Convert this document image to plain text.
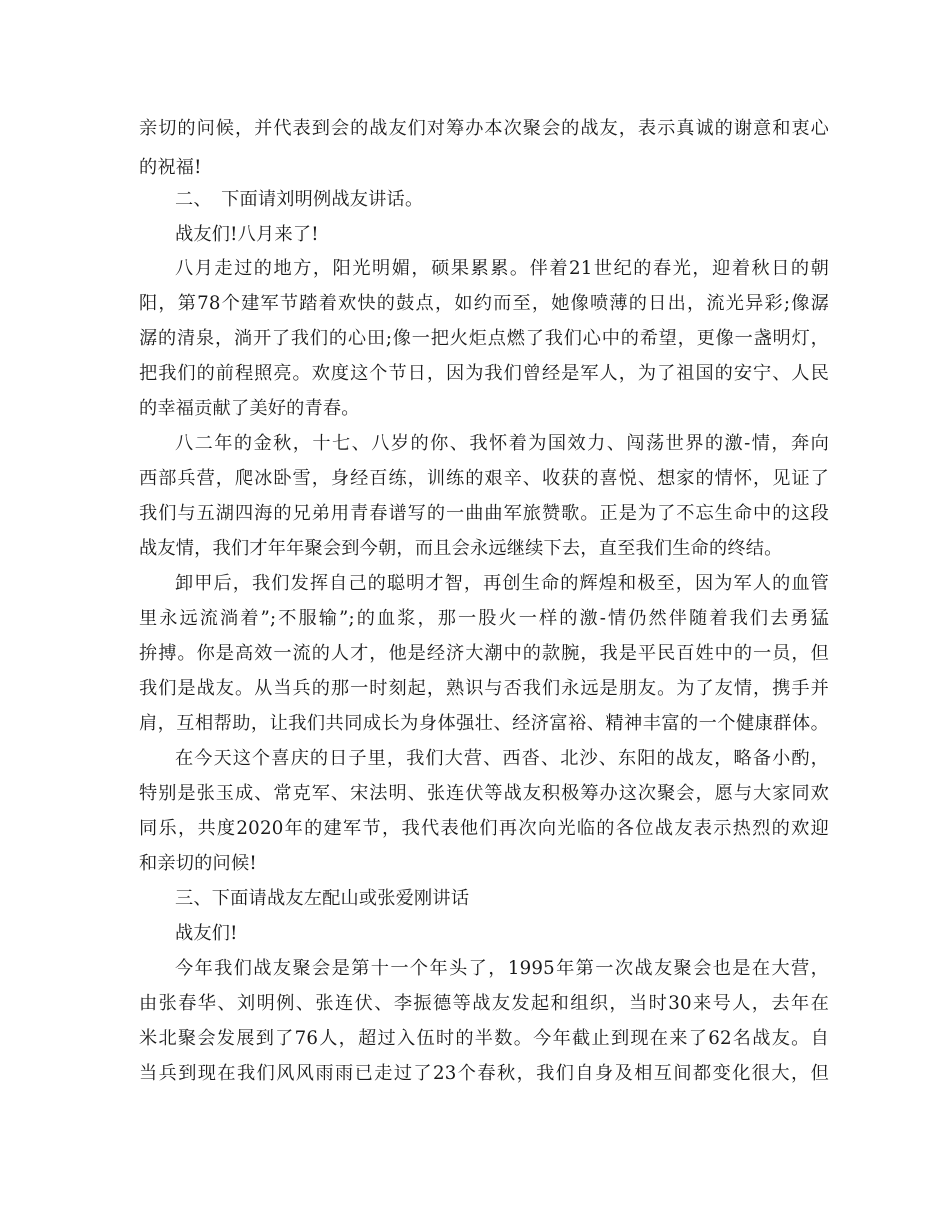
亲切的问候，并代表到会的战友们对筹办本次聚会的战友，表示真诚的谢意和衷心
的祝福!
二、　下面请刘明例战友讲话。
战友们!八月来了!
八月走过的地方，阳光明媚，硕果累累。伴着21世纪的春光，迎着秋日的朝
阳，第78个建军节踏着欢快的鼓点，如约而至，她像喷薄的日出，流光异彩;像潺
潺的清泉，淌开了我们的心田;像一把火炬点燃了我们心中的希望，更像一盏明灯，
把我们的前程照亮。欢度这个节日，因为我们曾经是军人，为了祖国的安宁、人民
的幸福贡献了美好的青春。
八二年的金秋，十七、八岁的你、我怀着为国效力、闯荡世界的激-情，奔向
西部兵营，爬冰卧雪，身经百练，训练的艰辛、收获的喜悦、想家的情怀，见证了
我们与五湖四海的兄弟用青春谱写的一曲曲军旅赞歌。正是为了不忘生命中的这段
战友情，我们才年年聚会到今朝，而且会永远继续下去，直至我们生命的终结。
卸甲后，我们发挥自己的聪明才智，再创生命的辉煌和极至，因为军人的血管
里永远流淌着”;不服输”;的血浆，那一股火一样的激-情仍然伴随着我们去勇猛
拚搏。你是高效一流的人才，他是经济大潮中的款腕，我是平民百姓中的一员，但
我们是战友。从当兵的那一时刻起，熟识与否我们永远是朋友。为了友情，携手并
肩，互相帮助，让我们共同成长为身体强壮、经济富裕、精神丰富的一个健康群体。
在今天这个喜庆的日子里，我们大营、西沓、北沙、东阳的战友，略备小酌，
特别是张玉成、常克军、宋法明、张连伏等战友积极筹办这次聚会，愿与大家同欢
同乐，共度2020年的建军节，我代表他们再次向光临的各位战友表示热烈的欢迎
和亲切的问候!
三、下面请战友左配山或张爱刚讲话
战友们!
今年我们战友聚会是第十一个年头了，1995年第一次战友聚会也是在大营，
由张春华、刘明例、张连伏、李振德等战友发起和组织，当时30来号人，去年在
米北聚会发展到了76人，超过入伍时的半数。今年截止到现在来了62名战友。自
当兵到现在我们风风雨雨已走过了23个春秋，我们自身及相互间都变化很大，但
